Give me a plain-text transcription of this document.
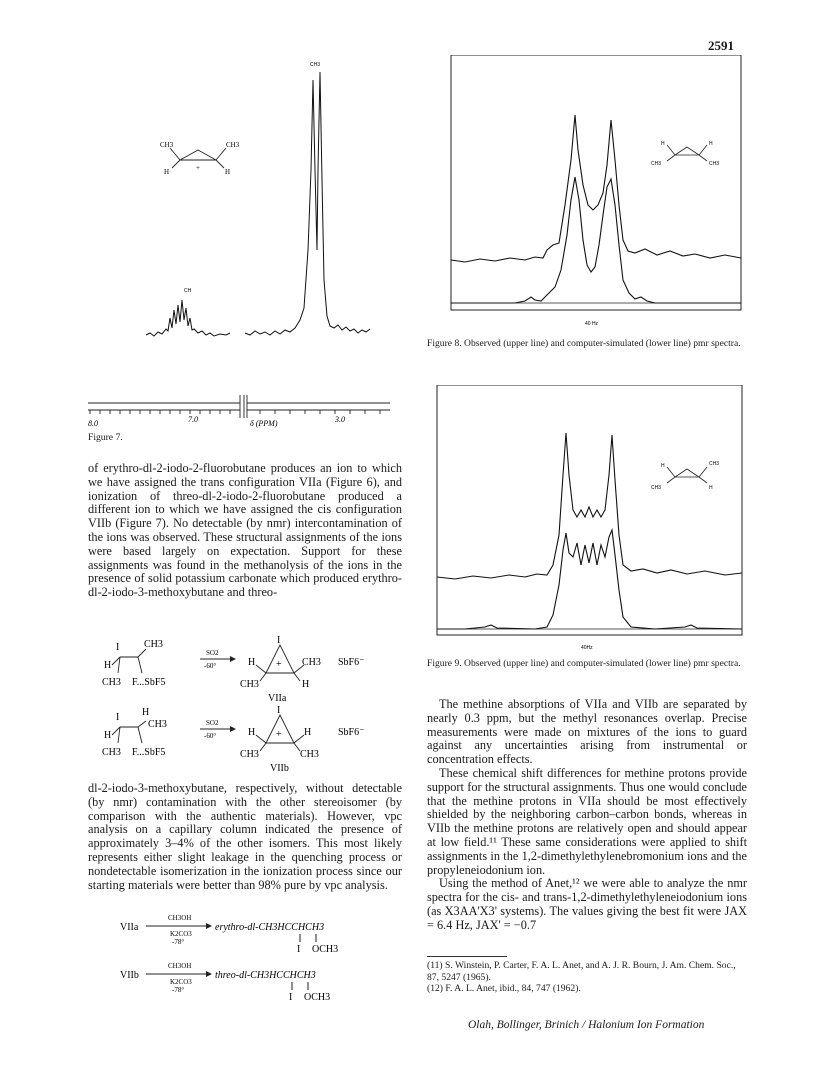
2591
CH3	CH3
H	H
+
CH3
CH
8.0	7.0	3.0
δ (PPM)
Figure 7.
H	H
CH3	CH3
40 Hz
Figure 8. Observed (upper line) and computer-simulated (lower line) pmr spectra.
H	CH3
CH3	H
40Hz
Figure 9. Observed (upper line) and computer-simulated (lower line) pmr spectra.

of erythro-dl-2-iodo-2-fluorobutane produces an ion to which we have assigned the trans configuration VIIa (Figure 6), and ionization of threo-dl-2-iodo-2-fluorobutane produced a different ion to which we have assigned the cis configuration VIIb (Figure 7). No detectable (by nmr) intercontamination of the ions was observed. These structural assignments of the ions were based largely on expectation. Support for these assignments was found in the methanolysis of the ions in the presence of solid potassium carbonate which produced erythro-dl-2-iodo-3-methoxybutane and threo-

I CH3
H
CH3 F...SbF5
SO2
-60°
I
+
H	CH3
CH3	H
SbF6⁻
VIIa
I H
CH3
H
CH3 F...SbF5
SO2
-60°
I
+
H	H
CH3	CH3
SbF6⁻
VIIb

dl-2-iodo-3-methoxybutane, respectively, without detectable (by nmr) contamination with the other stereoisomer (by comparison with the authentic materials). However, vpc analysis on a capillary column indicated the presence of approximately 3–4% of the other isomers. This most likely represents either slight leakage in the quenching process or nondetectable isomerization in the ionization process since our starting materials were better than 98% pure by vpc analysis.

CH3OH
VIIa	erythro-dl-CH3HCCHCH3
K2CO3
-78°
I OCH3
CH3OH
VIIb	threo-dl-CH3HCCHCH3
K2CO3
-78°
I OCH3

The methine absorptions of VIIa and VIIb are separated by nearly 0.3 ppm, but the methyl resonances overlap. Precise measurements were made on mixtures of the ions to guard against any uncertainties arising from instrumental or concentration effects.

These chemical shift differences for methine protons provide support for the structural assignments. Thus one would conclude that the methine protons in VIIa should be most effectively shielded by the neighboring carbon–carbon bonds, whereas in VIIb the methine protons are relatively open and should appear at low field.¹¹ These same considerations were applied to shift assignments in the 1,2-dimethylethylenebromonium ions and the propyleneiodonium ion.

Using the method of Anet,¹² we were able to analyze the nmr spectra for the cis- and trans-1,2-dimethylethyleneiodonium ions (as X3AA'X3' systems). The values giving the best fit were JAX = 6.4 Hz, JAX' = −0.7

(11) S. Winstein, P. Carter, F. A. L. Anet, and A. J. R. Bourn, J. Am. Chem. Soc., 87, 5247 (1965).

(12) F. A. L. Anet, ibid., 84, 747 (1962).

Olah, Bollinger, Brinich / Halonium Ion Formation
